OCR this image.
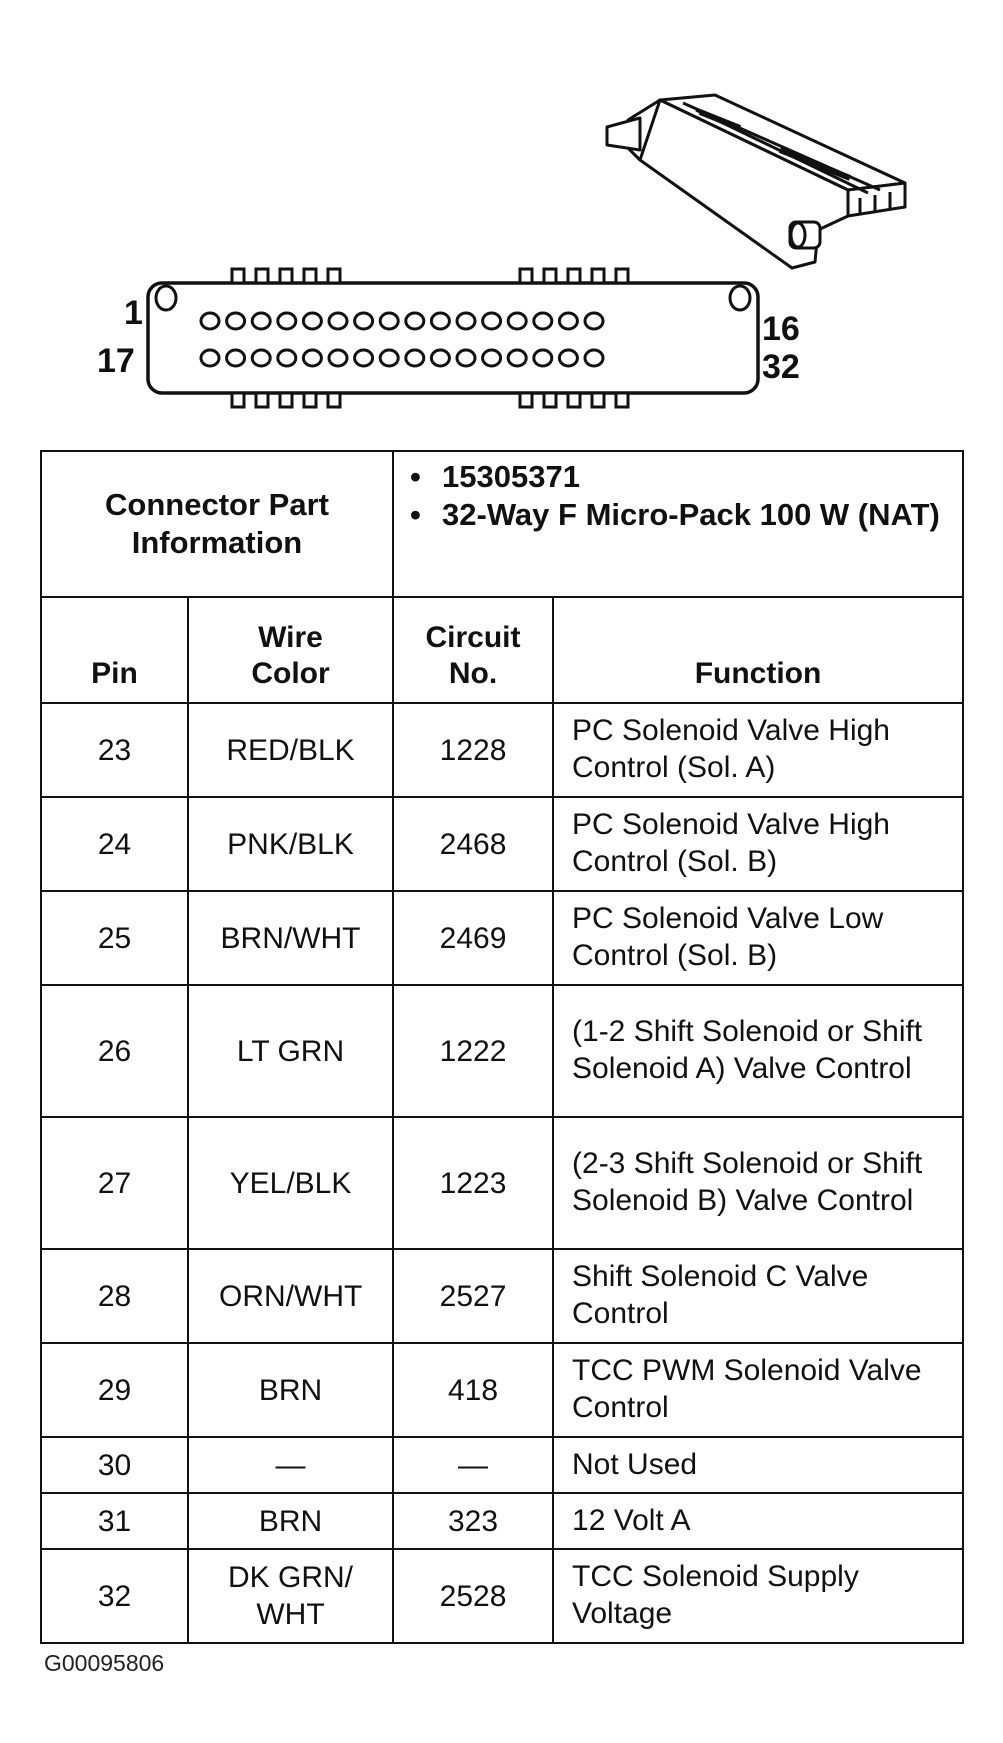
1
17
16
32
Connector Part Information		• 15305371
• 32-Way F Micro-Pack 100 W (NAT)

Pin	Wire Color	Circuit No.	Function
23	RED/BLK	1228	PC Solenoid Valve High Control (Sol. A)
24	PNK/BLK	2468	PC Solenoid Valve High Control (Sol. B)
25	BRN/WHT	2469	PC Solenoid Valve Low Control (Sol. B)
26	LT GRN	1222	(1-2 Shift Solenoid or Shift Solenoid A) Valve Control
27	YEL/BLK	1223	(2-3 Shift Solenoid or Shift Solenoid B) Valve Control
28	ORN/WHT	2527	Shift Solenoid C Valve Control
29	BRN	418	TCC PWM Solenoid Valve Control
30	—	—	Not Used
31	BRN	323	12 Volt A
32	DK GRN/ WHT	2528	TCC Solenoid Supply Voltage
G00095806
